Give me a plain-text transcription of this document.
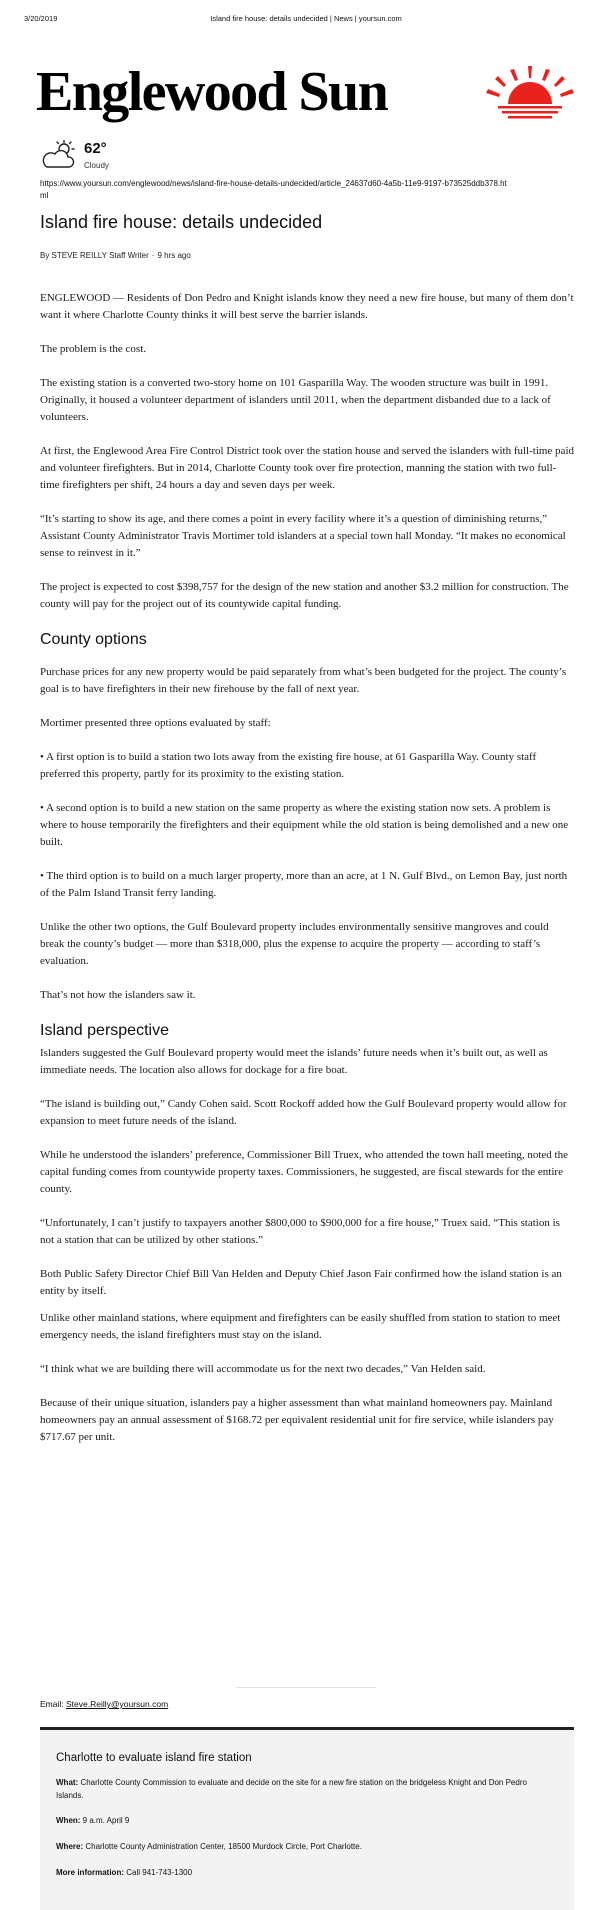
3/20/2019	Island fire house: details undecided | News | yoursun.com
Englewood Sun
62°
Cloudy
https://www.yoursun.com/englewood/news/island-fire-house-details-undecided/article_24637d60-4a5b-11e9-9197-b73525ddb378.html
Island fire house: details undecided
By STEVE REILLY Staff Writer · 9 hrs ago

ENGLEWOOD — Residents of Don Pedro and Knight islands know they need a new fire house, but many of them don’t want it where Charlotte County thinks it will best serve the barrier islands.

The problem is the cost.

The existing station is a converted two-story home on 101 Gasparilla Way. The wooden structure was built in 1991. Originally, it housed a volunteer department of islanders until 2011, when the department disbanded due to a lack of volunteers.

At first, the Englewood Area Fire Control District took over the station house and served the islanders with full-time paid and volunteer firefighters. But in 2014, Charlotte County took over fire protection, manning the station with two full-time firefighters per shift, 24 hours a day and seven days per week.

“It’s starting to show its age, and there comes a point in every facility where it’s a question of diminishing returns,” Assistant County Administrator Travis Mortimer told islanders at a special town hall Monday. “It makes no economical sense to reinvest in it.”

The project is expected to cost $398,757 for the design of the new station and another $3.2 million for construction. The county will pay for the project out of its countywide capital funding.

County options

Purchase prices for any new property would be paid separately from what’s been budgeted for the project. The county’s goal is to have firefighters in their new firehouse by the fall of next year.

Mortimer presented three options evaluated by staff:

• A first option is to build a station two lots away from the existing fire house, at 61 Gasparilla Way. County staff preferred this property, partly for its proximity to the existing station.

• A second option is to build a new station on the same property as where the existing station now sets. A problem is where to house temporarily the firefighters and their equipment while the old station is being demolished and a new one built.

• The third option is to build on a much larger property, more than an acre, at 1 N. Gulf Blvd., on Lemon Bay, just north of the Palm Island Transit ferry landing.

Unlike the other two options, the Gulf Boulevard property includes environmentally sensitive mangroves and could break the county’s budget — more than $318,000, plus the expense to acquire the property — according to staff’s evaluation.

That’s not how the islanders saw it.

Island perspective

Islanders suggested the Gulf Boulevard property would meet the islands’ future needs when it’s built out, as well as immediate needs. The location also allows for dockage for a fire boat.

“The island is building out,” Candy Cohen said. Scott Rockoff added how the Gulf Boulevard property would allow for expansion to meet future needs of the island.

While he understood the islanders’ preference, Commissioner Bill Truex, who attended the town hall meeting, noted the capital funding comes from countywide property taxes. Commissioners, he suggested, are fiscal stewards for the entire county.

“Unfortunately, I can’t justify to taxpayers another $800,000 to $900,000 for a fire house,” Truex said. “This station is not a station that can be utilized by other stations.”

Both Public Safety Director Chief Bill Van Helden and Deputy Chief Jason Fair confirmed how the island station is an entity by itself.

Unlike other mainland stations, where equipment and firefighters can be easily shuffled from station to station to meet emergency needs, the island firefighters must stay on the island.

“I think what we are building there will accommodate us for the next two decades,” Van Helden said.

Because of their unique situation, islanders pay a higher assessment than what mainland homeowners pay. Mainland homeowners pay an annual assessment of $168.72 per equivalent residential unit for fire service, while islanders pay $717.67 per unit.

Email: Steve.Reilly@yoursun.com
Charlotte to evaluate island fire station
What: Charlotte County Commission to evaluate and decide on the site for a new fire station on the bridgeless Knight and Don Pedro Islands.
When: 9 a.m. April 9
Where: Charlotte County Administration Center, 18500 Murdock Circle, Port Charlotte.
More information: Call 941-743-1300
